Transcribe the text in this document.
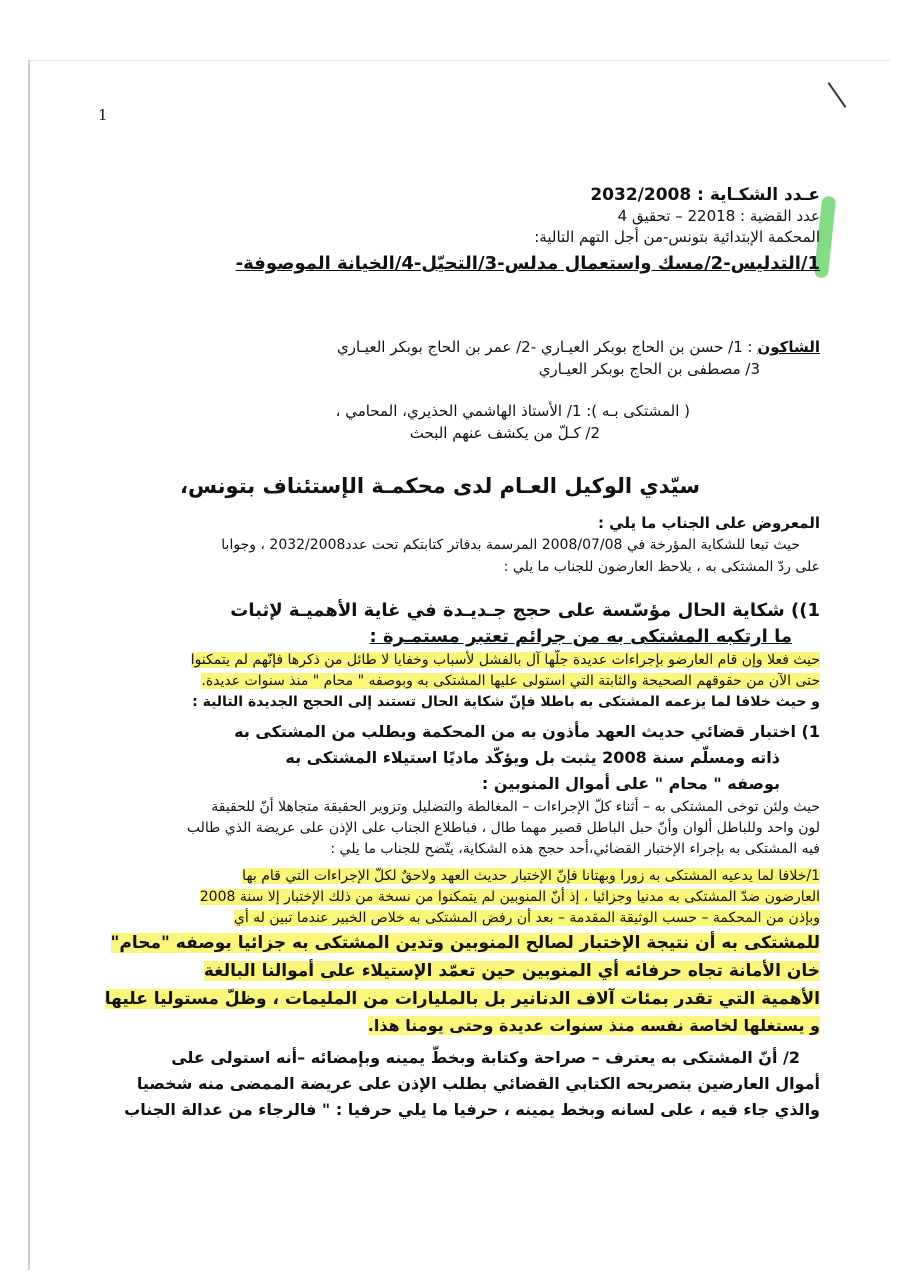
1
عـدد الشكـاية : 2032/2008
عدد القضية : 22018 – تحقيق 4
المحكمة الإبتدائية بتونس-من أجل التهم التالية:
1/التدليس-2/مسك واستعمال مدلس-3/التحيّل-4/الخيانة الموصوفة-
الشاكون : 1/ حسن بن الحاج بوبكر العيـاري -2/ عمر بن الحاج بوبكر العيـاري
3/ مصطفى بن الحاج بوبكر العيـاري
( المشتكى بـه ): 1/ الأستاذ الهاشمي الحذيري، المحامي ،
2/ كـلّ من يكشف عنهم البحث
سيّدي الوكيل العـام لدى محكمـة الإستئناف بتونس،
المعروض على الجناب ما يلي :
حيث تبعا للشكاية المؤرخة في 2008/07/08 المرسمة بدفاتر كتابتكم تحت عدد2032/2008 ، وجوابا
على ردّ المشتكى به ، يلاحظ العارضون للجناب ما يلي :
1)) شكاية الحال مؤسّسة على حجج جـديـدة في غاية الأهميـة لإثبات
ما ارتكبه المشتكى به من جرائم تعتبر مستمـرة :
حيث فعلا وإن قام العارضو بإجراءات عديدة جلّها آل بالفشل لأسباب وخفايا لا طائل من ذكرها فإنّهم لم يتمكنوا
حتى الآن من حقوقهم الصحيحة والثابتة التي استولى عليها المشتكى به وبوصفه " محام " منذ سنوات عديدة.
و حيث خلافا لما يزعمه المشتكى به باطلا فإنّ شكاية الحال تستند إلى الحجج الجديدة التالية :
1) اختبار قضائي حديث العهد مأذون به من المحكمة وبطلب من المشتكى به
ذاته ومسلّم سنة 2008 يثبت بل ويؤكّد ماديًا استيلاء المشتكى به
بوصفه " محام " على أموال المنوبين :
حيث ولئن توخى المشتكى به – أثناء كلّ الإجراءات – المغالطة والتضليل وتزوير الحقيقة متجاهلا أنّ للحقيقة
لون واحد وللباطل ألوان وأنّ حبل الباطل قصير مهما طال ، فباطلاع الجناب على الإذن على عريضة الذي طالب
فيه المشتكى به بإجراء الإختبار القضائي،أحد حجج هذه الشكاية، يتّضح للجناب ما يلي :
1/خلافا لما يدعيه المشتكى به زورا وبهتانا فإنّ الإختبار حديث العهد ولاحقٌ لكلّ الإجراءات التي قام بها
العارضون ضدّ المشتكى به مدنيا وجزائيا ، إذ أنّ المنوبين لم يتمكنوا من نسخة من ذلك الإختبار إلا سنة 2008
وبإذن من المحكمة – حسب الوثيقة المقدمة – بعد أن رفض المشتكى به خلاص الخبير عندما تبين له أي
للمشتكى به أن نتيجة الإختبار لصالح المنوبين وتدين المشتكى به جزائيا بوصفه "محام"
خان الأمانة تجاه حرفائه أي المنوبين حين تعمّد الإستيلاء على أموالنا البالغة
الأهمية التي تقدر بمئات آلاف الدنانير بل بالمليارات من المليمات ، وظلّ مستوليا عليها
و يستغلها لخاصة نفسه منذ سنوات عديدة وحتى يومنا هذا.
2/ أنّ المشتكى به يعترف – صراحة وكتابة وبخطّ يمينه وبإمضائه –أنه استولى على
أموال العارضين بتصريحه الكتابي القضائي بطلب الإذن على عريضة الممضى منه شخصيا
والذي جاء فيه ، على لسانه وبخط يمينه ، حرفيا ما يلي حرفيا : " فالرجاء من عدالة الجناب
